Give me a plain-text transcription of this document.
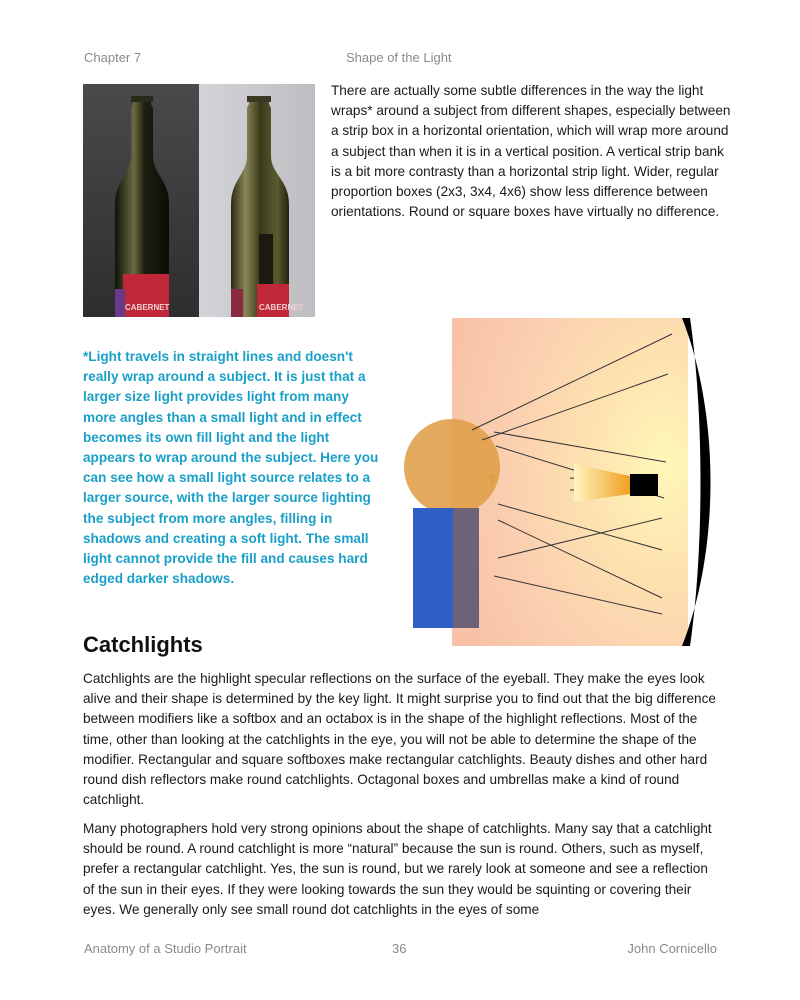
Chapter 7	Shape of the Light
CABERNET	CABERNET

There are actually some subtle differences in the way the light wraps* around a subject from different shapes, especially between a strip box in a horizontal orientation, which will wrap more around a subject than when it is in a vertical position. A vertical strip bank is a bit more contrasty than a horizontal strip light. Wider, regular proportion boxes (2x3, 3x4, 4x6) show less difference between orientations. Round or square boxes have virtually no difference.

*Light travels in straight lines and doesn't really wrap around a subject. It is just that a larger size light provides light from many more angles than a small light and in effect becomes its own fill light and the light appears to wrap around the subject. Here you can see how a small light source relates to a larger source, with the larger source lighting the subject from more angles, filling in shadows and creating a soft light. The small light cannot provide the fill and causes hard edged darker shadows.

Catchlights

Catchlights are the highlight specular reflections on the surface of the eyeball. They make the eyes look alive and their shape is determined by the key light. It might surprise you to find out that the big difference between modifiers like a softbox and an octabox is in the shape of the highlight reflections. Most of the time, other than looking at the catchlights in the eye, you will not be able to determine the shape of the modifier. Rectangular and square softboxes make rectangular catchlights. Beauty dishes and other hard round dish reflectors make round catchlights. Octagonal boxes and umbrellas make a kind of round catchlight.

Many photographers hold very strong opinions about the shape of catchlights. Many say that a catchlight should be round. A round catchlight is more “natural” because the sun is round. Others, such as myself, prefer a rectangular catchlight. Yes, the sun is round, but we rarely look at someone and see a reflection of the sun in their eyes. If they were looking towards the sun they would be squinting or covering their eyes. We generally only see small round dot catchlights in the eyes of some

Anatomy of a Studio Portrait	36	John Cornicello
